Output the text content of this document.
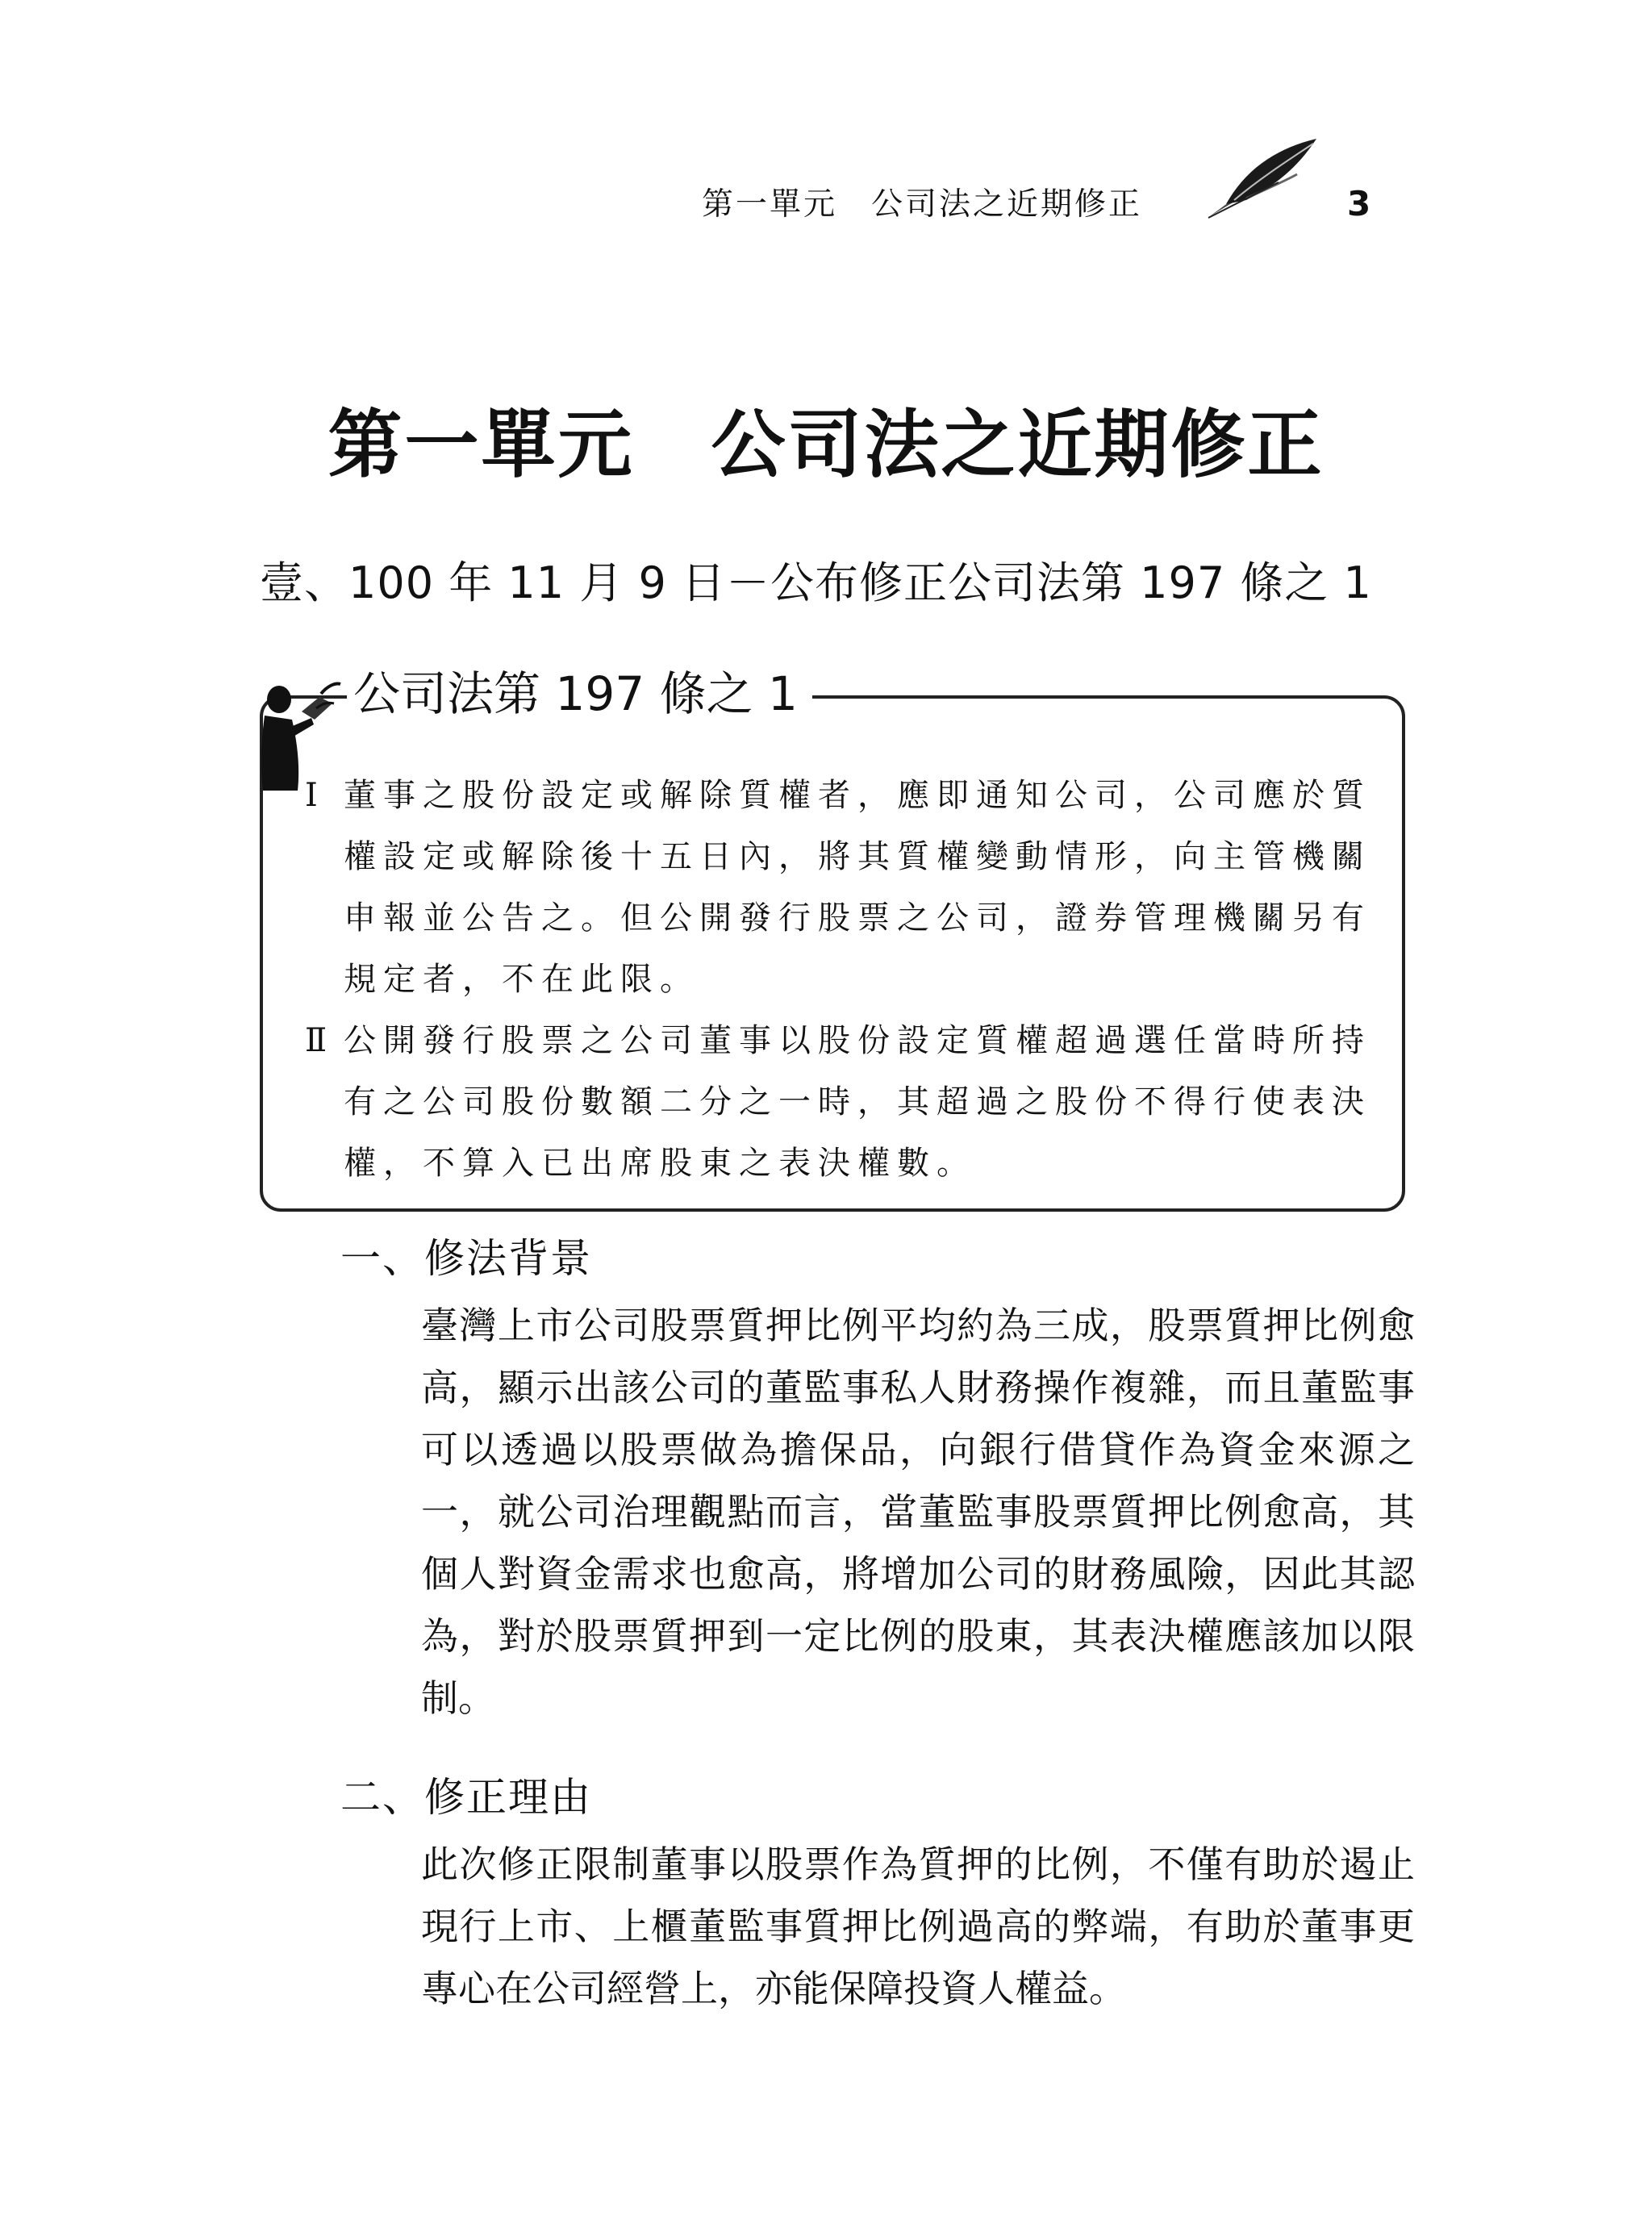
第一單元　公司法之近期修正	3
第一單元　公司法之近期修正
壹、100 年 11 月 9 日－公布修正公司法第 197 條之 1
公司法第 197 條之 1
Ⅰ 董事之股份設定或解除質權者，應即通知公司，公司應於質權設定或解除後十五日內，將其質權變動情形，向主管機關申報並公告之。但公開發行股票之公司，證券管理機關另有規定者，不在此限。
Ⅱ 公開發行股票之公司董事以股份設定質權超過選任當時所持有之公司股份數額二分之一時，其超過之股份不得行使表決權，不算入已出席股東之表決權數。
一、修法背景
臺灣上市公司股票質押比例平均約為三成，股票質押比例愈高，顯示出該公司的董監事私人財務操作複雜，而且董監事可以透過以股票做為擔保品，向銀行借貸作為資金來源之一，就公司治理觀點而言，當董監事股票質押比例愈高，其個人對資金需求也愈高，將增加公司的財務風險，因此其認為，對於股票質押到一定比例的股東，其表決權應該加以限制。
二、修正理由
此次修正限制董事以股票作為質押的比例，不僅有助於遏止現行上市、上櫃董監事質押比例過高的弊端，有助於董事更專心在公司經營上，亦能保障投資人權益。
